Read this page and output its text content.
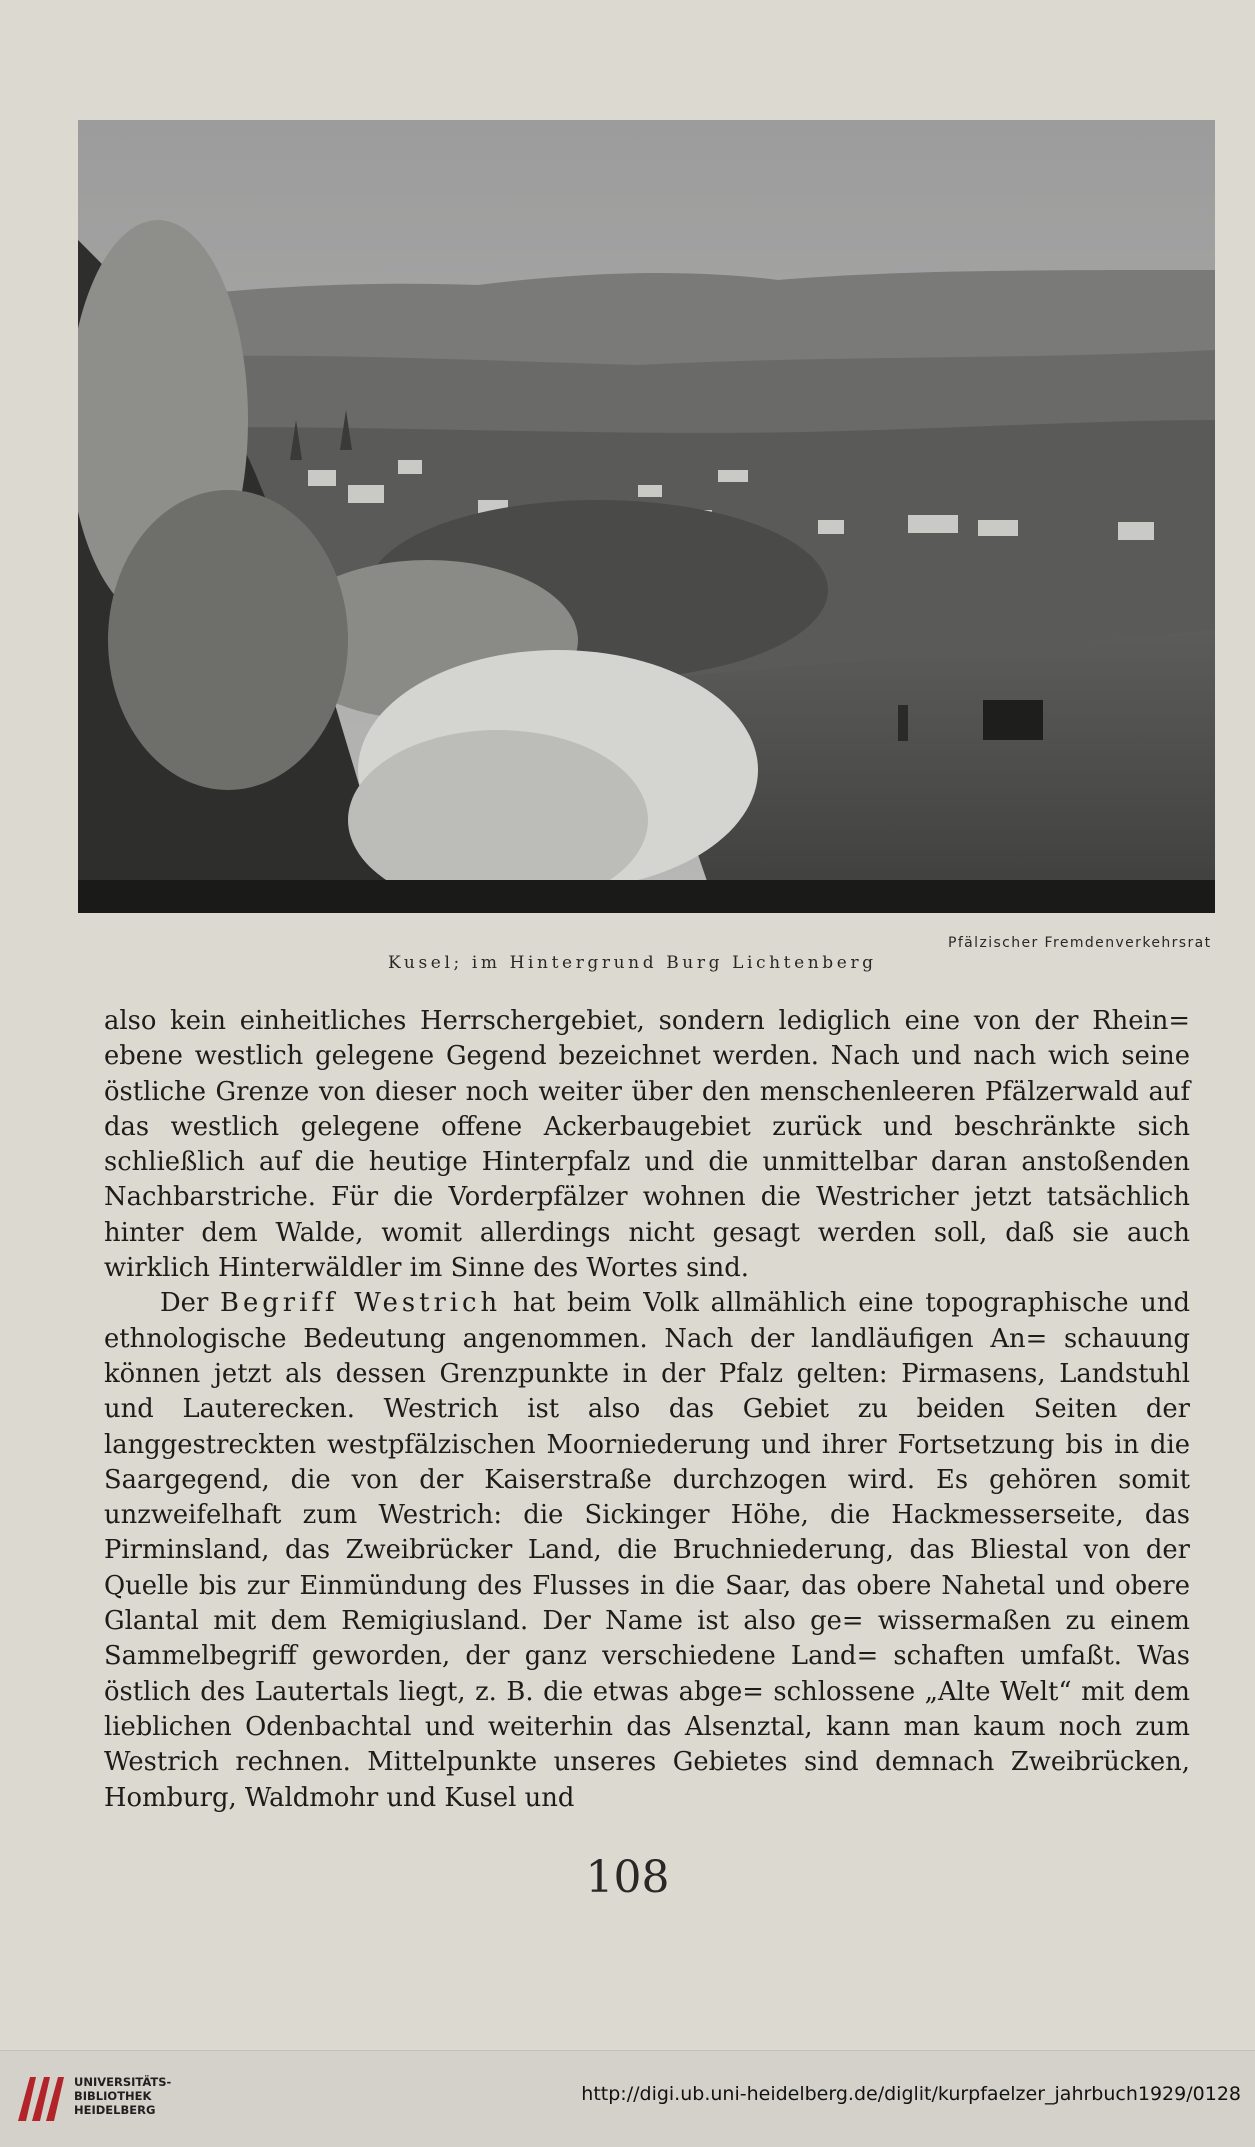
Pfälzischer Fremdenverkehrsrat
Kusel; im Hintergrund Burg Lichtenberg

also kein einheitliches Herrschergebiet, sondern lediglich eine von der Rhein= ebene westlich gelegene Gegend bezeichnet werden. Nach und nach wich seine östliche Grenze von dieser noch weiter über den menschenleeren Pfälzerwald auf das westlich gelegene offene Ackerbaugebiet zurück und beschränkte sich schließlich auf die heutige Hinterpfalz und die unmittelbar daran anstoßenden Nachbarstriche. Für die Vorderpfälzer wohnen die Westricher jetzt tatsächlich hinter dem Walde, womit allerdings nicht gesagt werden soll, daß sie auch wirklich Hinterwäldler im Sinne des Wortes sind.

Der Begriff Westrich hat beim Volk allmählich eine topographische und ethnologische Bedeutung angenommen. Nach der landläufigen An= schauung können jetzt als dessen Grenzpunkte in der Pfalz gelten: Pirmasens, Landstuhl und Lauterecken. Westrich ist also das Gebiet zu beiden Seiten der langgestreckten westpfälzischen Moorniederung und ihrer Fortsetzung bis in die Saargegend, die von der Kaiserstraße durchzogen wird. Es gehören somit unzweifelhaft zum Westrich: die Sickinger Höhe, die Hackmesserseite, das Pirminsland, das Zweibrücker Land, die Bruchniederung, das Bliestal von der Quelle bis zur Einmündung des Flusses in die Saar, das obere Nahetal und obere Glantal mit dem Remigiusland. Der Name ist also ge= wissermaßen zu einem Sammelbegriff geworden, der ganz verschiedene Land= schaften umfaßt. Was östlich des Lautertals liegt, z. B. die etwas abge= schlossene „Alte Welt“ mit dem lieblichen Odenbachtal und weiterhin das Alsenztal, kann man kaum noch zum Westrich rechnen. Mittelpunkte unseres Gebietes sind demnach Zweibrücken, Homburg, Waldmohr und Kusel und

108
UNIVERSITÄTS-
BIBLIOTHEK
HEIDELBERG
http://digi.ub.uni-heidelberg.de/diglit/kurpfaelzer_jahrbuch1929/0128
